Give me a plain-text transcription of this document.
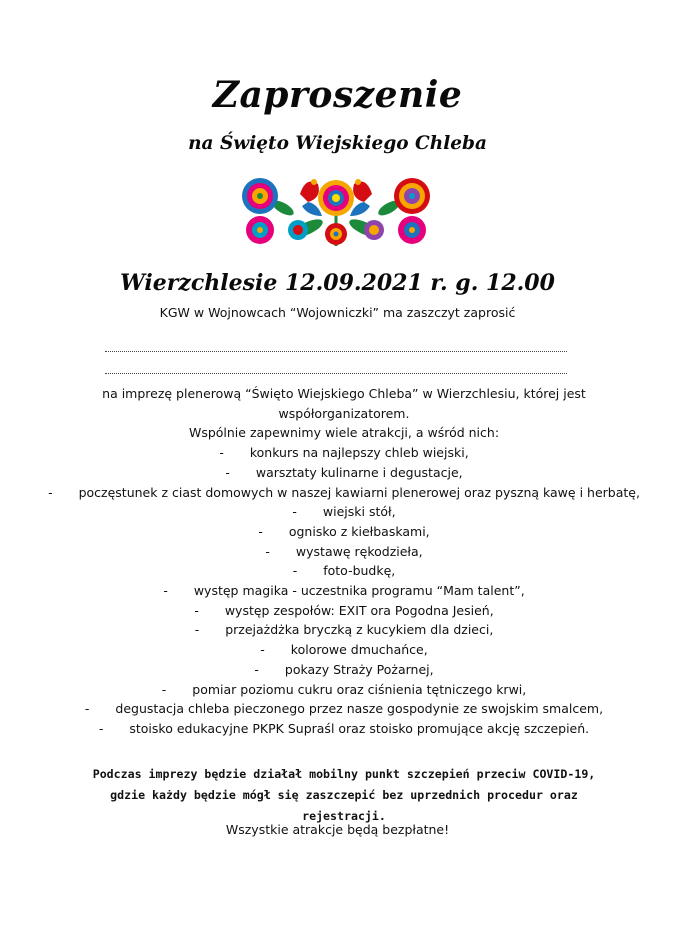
Zaproszenie
na Święto Wiejskiego Chleba
Wierzchlesie 12.09.2021 r. g. 12.00
KGW w Wojnowcach “Wojowniczki” ma zaszczyt zaprosić

na imprezę plenerową “Święto Wiejskiego Chleba” w Wierzchlesiu, której jest

współorganizatorem.

Wspólnie zapewnimy wiele atrakcji, a wśród nich:

- konkurs na najlepszy chleb wiejski,

- warsztaty kulinarne i degustacje,

- poczęstunek z ciast domowych w naszej kawiarni plenerowej oraz pyszną kawę i herbatę,

- wiejski stół,

- ognisko z kiełbaskami,

- wystawę rękodzieła,

- foto-budkę,

- występ magika - uczestnika programu “Mam talent”,

- występ zespołów: EXIT ora Pogodna Jesień,

- przejażdżka bryczką z kucykiem dla dzieci,

- kolorowe dmuchańce,

- pokazy Straży Pożarnej,

- pomiar poziomu cukru oraz ciśnienia tętniczego krwi,

- degustacja chleba pieczonego przez nasze gospodynie ze swojskim smalcem,

- stoisko edukacyjne PKPK Supraśl oraz stoisko promujące akcję szczepień.

Podczas imprezy będzie działał mobilny punkt szczepień przeciw COVID-19, gdzie każdy będzie mógł się zaszczepić bez uprzednich procedur oraz rejestracji.
Wszystkie atrakcje będą bezpłatne!
